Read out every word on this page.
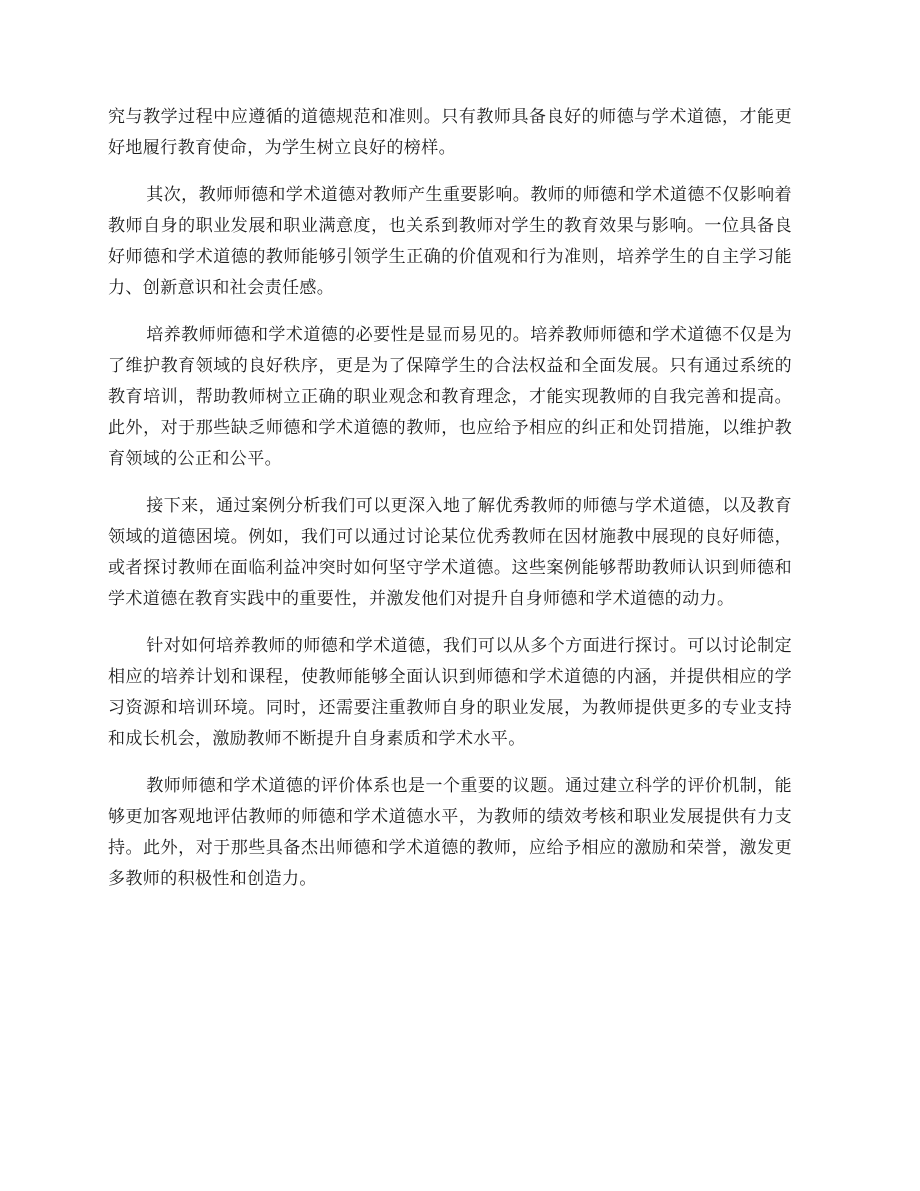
究与教学过程中应遵循的道德规范和准则。只有教师具备良好的师德与学术道德，才能更好地履行教育使命，为学生树立良好的榜样。

其次，教师师德和学术道德对教师产生重要影响。教师的师德和学术道德不仅影响着教师自身的职业发展和职业满意度，也关系到教师对学生的教育效果与影响。一位具备良好师德和学术道德的教师能够引领学生正确的价值观和行为准则，培养学生的自主学习能力、创新意识和社会责任感。

培养教师师德和学术道德的必要性是显而易见的。培养教师师德和学术道德不仅是为了维护教育领域的良好秩序，更是为了保障学生的合法权益和全面发展。只有通过系统的教育培训，帮助教师树立正确的职业观念和教育理念，才能实现教师的自我完善和提高。此外，对于那些缺乏师德和学术道德的教师，也应给予相应的纠正和处罚措施，以维护教育领域的公正和公平。

接下来，通过案例分析我们可以更深入地了解优秀教师的师德与学术道德，以及教育领域的道德困境。例如，我们可以通过讨论某位优秀教师在因材施教中展现的良好师德，或者探讨教师在面临利益冲突时如何坚守学术道德。这些案例能够帮助教师认识到师德和学术道德在教育实践中的重要性，并激发他们对提升自身师德和学术道德的动力。

针对如何培养教师的师德和学术道德，我们可以从多个方面进行探讨。可以讨论制定相应的培养计划和课程，使教师能够全面认识到师德和学术道德的内涵，并提供相应的学习资源和培训环境。同时，还需要注重教师自身的职业发展，为教师提供更多的专业支持和成长机会，激励教师不断提升自身素质和学术水平。

教师师德和学术道德的评价体系也是一个重要的议题。通过建立科学的评价机制，能够更加客观地评估教师的师德和学术道德水平，为教师的绩效考核和职业发展提供有力支持。此外，对于那些具备杰出师德和学术道德的教师，应给予相应的激励和荣誉，激发更多教师的积极性和创造力。
